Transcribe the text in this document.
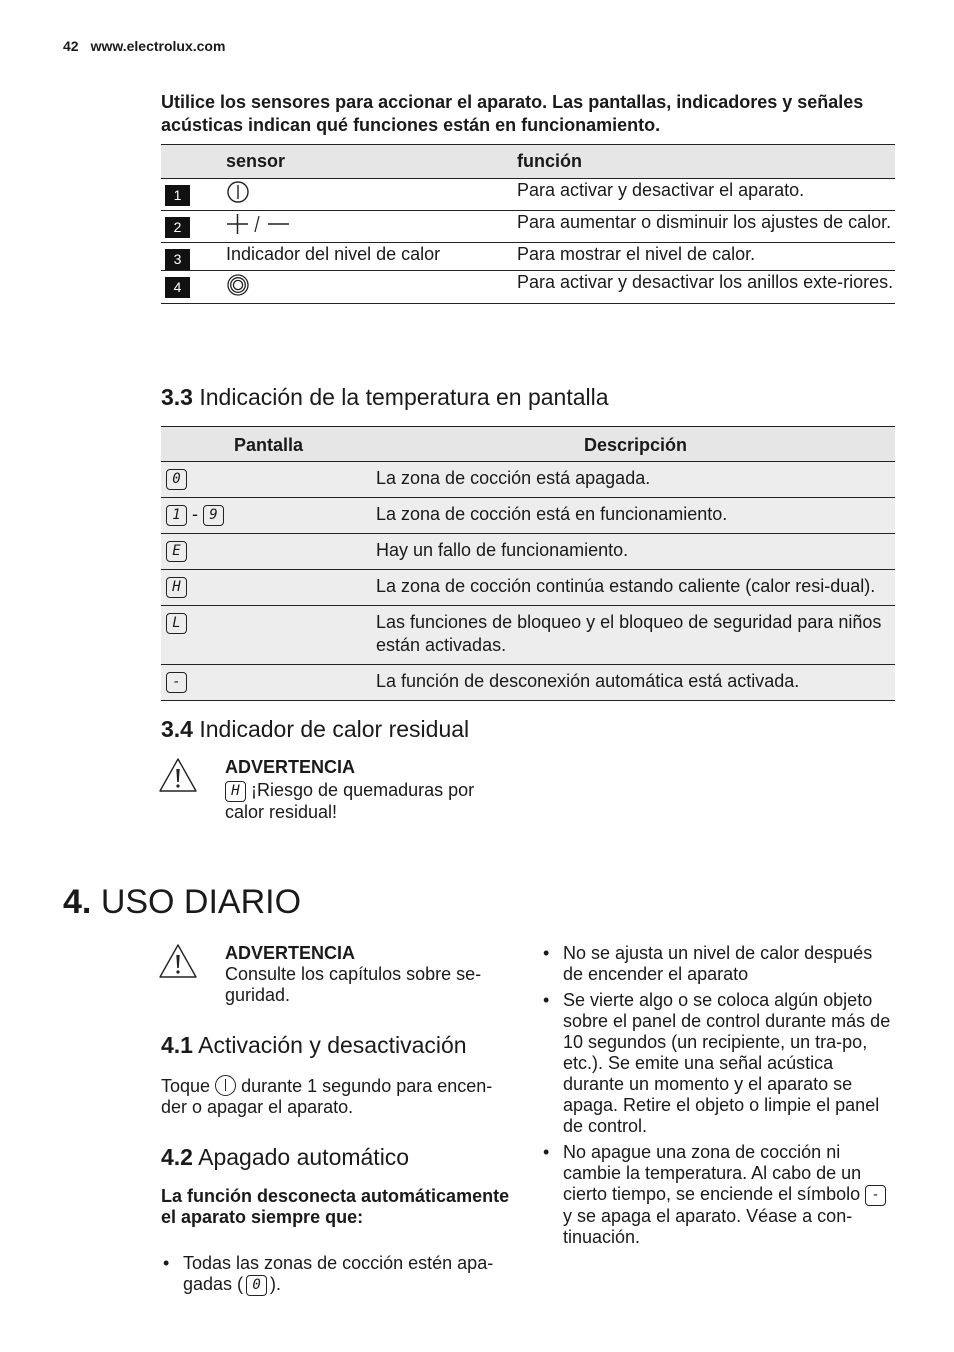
42 www.electrolux.com
Utilice los sensores para accionar el aparato. Las pantallas, indicadores y señales acústicas indican qué funciones están en funcionamiento.
	sensor	función
1		Para activar y desactivar el aparato.
2		Para aumentar o disminuir los ajustes de calor.
3	Indicador del nivel de calor	Para mostrar el nivel de calor.
4		Para activar y desactivar los anillos exte-riores.
3.3 Indicación de la temperatura en pantalla
Pantalla	Descripción
0	La zona de cocción está apagada.
1 - 9	La zona de cocción está en funcionamiento.
E	Hay un fallo de funcionamiento.
H	La zona de cocción continúa estando caliente (calor resi-dual).
L	Las funciones de bloqueo y el bloqueo de seguridad para niños están activadas.
-	La función de desconexión automática está activada.
3.4 Indicador de calor residual
ADVERTENCIA
H ¡Riesgo de quemaduras por calor residual!
4. USO DIARIO
ADVERTENCIA
Consulte los capítulos sobre se-guridad.
4.1 Activación y desactivación
Toque durante 1 segundo para encen-der o apagar el aparato.
4.2 Apagado automático
La función desconecta automáticamente el aparato siempre que:
• Todas las zonas de cocción estén apa-gadas ( 0 ).
• No se ajusta un nivel de calor después de encender el aparato
• Se vierte algo o se coloca algún objeto sobre el panel de control durante más de 10 segundos (un recipiente, un tra-po, etc.). Se emite una señal acústica durante un momento y el aparato se apaga. Retire el objeto o limpie el panel de control.
• No apague una zona de cocción ni cambie la temperatura. Al cabo de un cierto tiempo, se enciende el símbolo - y se apaga el aparato. Véase a con-tinuación.
